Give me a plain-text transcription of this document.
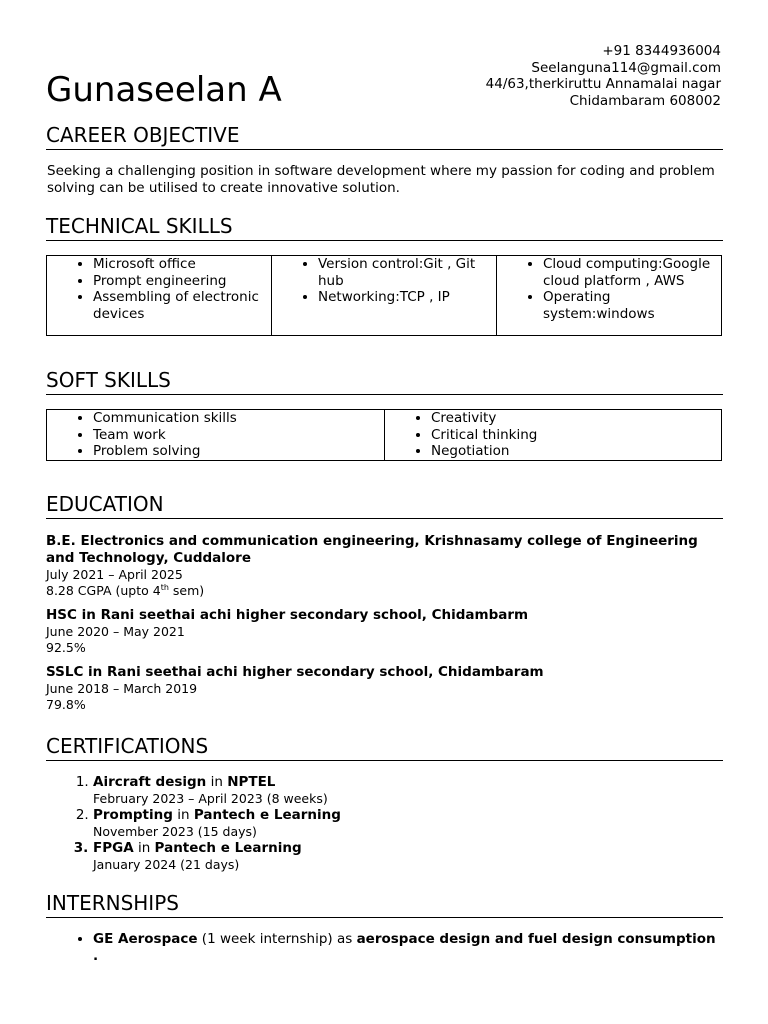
+91 8344936004
Seelanguna114@gmail.com
44/63,therkiruttu Annamalai nagar
Chidambaram 608002
Gunaseelan A
CAREER OBJECTIVE

Seeking a challenging position in software development where my passion for coding and problem solving can be utilised to create innovative solution.

TECHNICAL SKILLS
• Microsoft office
• Prompt engineering
• Assembling of electronic devices

• Version control:Git , Git hub
• Networking:TCP , IP

• Cloud computing:Google cloud platform , AWS
• Operating system:windows
SOFT SKILLS
• Communication skills
• Team work
• Problem solving

• Creativity
• Critical thinking
• Negotiation
EDUCATION

B.E. Electronics and communication engineering, Krishnasamy college of Engineering and Technology, Cuddalore

July 2021 – April 2025

8.28 CGPA (upto 4th sem)

HSC in Rani seethai achi higher secondary school, Chidambarm

June 2020 – May 2021

92.5%

SSLC in Rani seethai achi higher secondary school, Chidambaram

June 2018 – March 2019

79.8%

CERTIFICATIONS
1. Aircraft design in NPTEL
February 2023 – April 2023 (8 weeks)
2. Prompting in Pantech e Learning
November 2023 (15 days)
3. FPGA in Pantech e Learning
January 2024 (21 days)
INTERNSHIPS
• GE Aerospace (1 week internship) as aerospace design and fuel design consumption .
